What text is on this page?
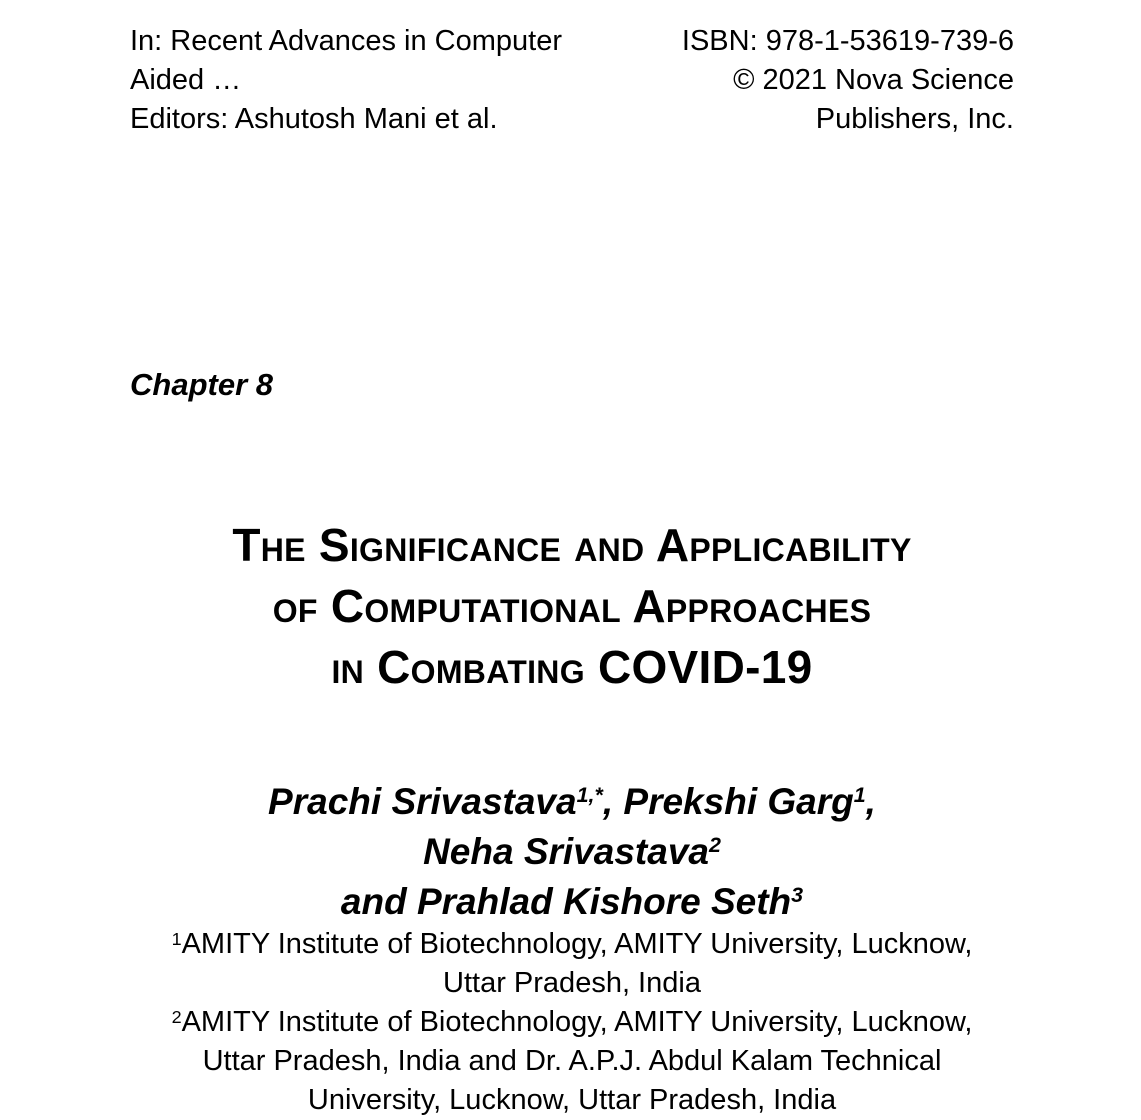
In: Recent Advances in Computer Aided …
Editors: Ashutosh Mani et al.
ISBN: 978-1-53619-739-6
© 2021 Nova Science Publishers, Inc.
Chapter 8
The Significance and Applicability
of Computational Approaches
in Combating COVID-19
Prachi Srivastava$^{1,*}$, Prekshi Garg$^1$,
Neha Srivastava$^2$
and Prahlad Kishore Seth$^3$
$^1$AMITY Institute of Biotechnology, AMITY University, Lucknow,
Uttar Pradesh, India
$^2$AMITY Institute of Biotechnology, AMITY University, Lucknow,
Uttar Pradesh, India and Dr. A.P.J. Abdul Kalam Technical
University, Lucknow, Uttar Pradesh, India
